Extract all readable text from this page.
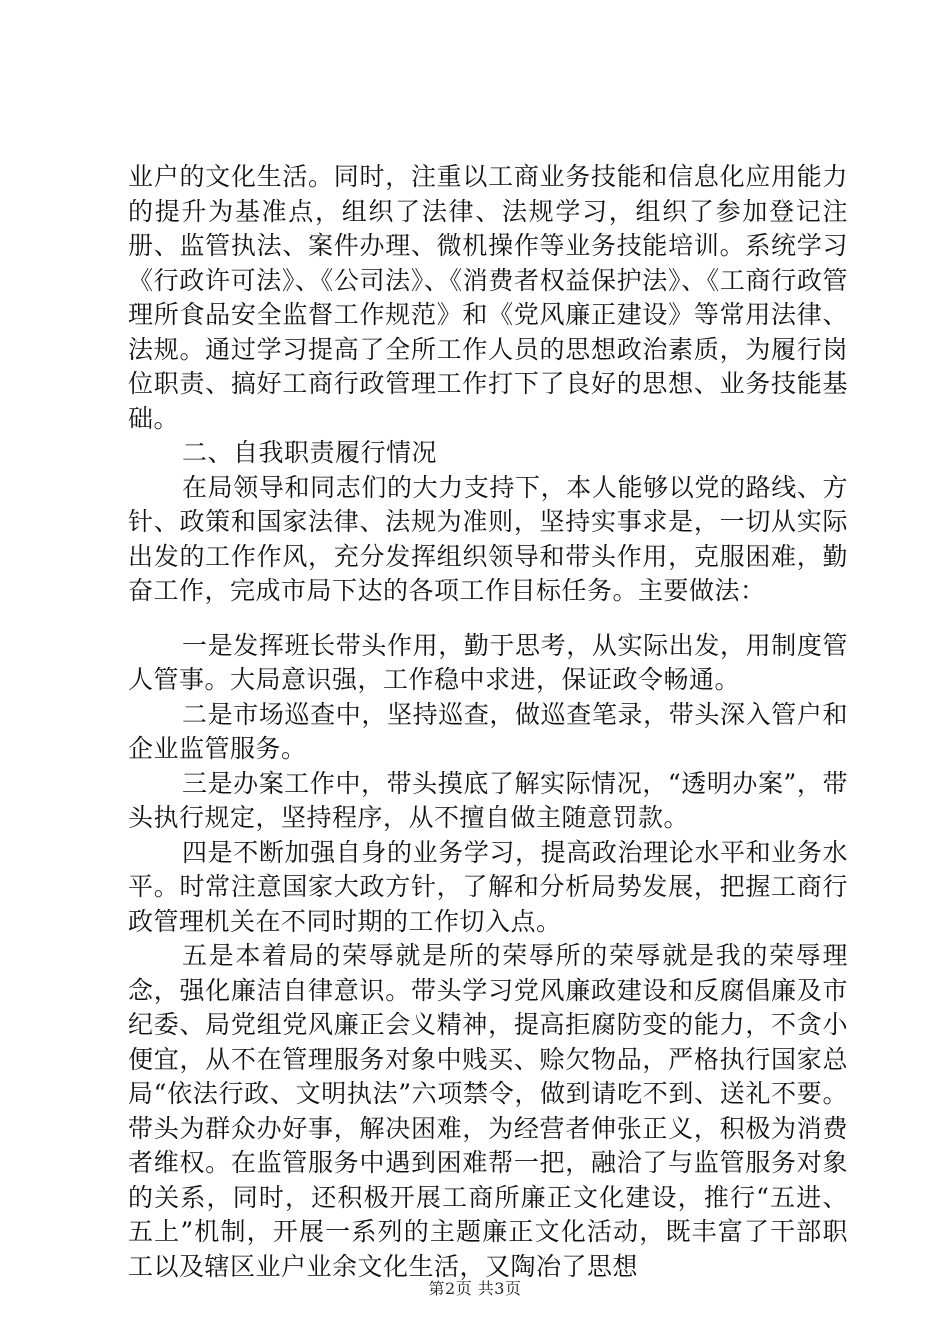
业户的文化生活。同时，注重以工商业务技能和信息化应用能力的提升为基准点，组织了法律、法规学习，组织了参加登记注册、监管执法、案件办理、微机操作等业务技能培训。系统学习《行政许可法》、《公司法》、《消费者权益保护法》、《工商行政管理所食品安全监督工作规范》和《党风廉正建设》等常用法律、法规。通过学习提高了全所工作人员的思想政治素质，为履行岗位职责、搞好工商行政管理工作打下了良好的思想、业务技能基础。

二、自我职责履行情况

在局领导和同志们的大力支持下，本人能够以党的路线、方针、政策和国家法律、法规为准则，坚持实事求是，一切从实际出发的工作作风，充分发挥组织领导和带头作用，克服困难，勤奋工作，完成市局下达的各项工作目标任务。主要做法：

一是发挥班长带头作用，勤于思考，从实际出发，用制度管人管事。大局意识强，工作稳中求进，保证政令畅通。

二是市场巡查中，坚持巡查，做巡查笔录，带头深入管户和企业监管服务。

三是办案工作中，带头摸底了解实际情况，“透明办案”，带头执行规定，坚持程序，从不擅自做主随意罚款。

四是不断加强自身的业务学习，提高政治理论水平和业务水平。时常注意国家大政方针，了解和分析局势发展，把握工商行政管理机关在不同时期的工作切入点。

五是本着局的荣辱就是所的荣辱所的荣辱就是我的荣辱理念，强化廉洁自律意识。带头学习党风廉政建设和反腐倡廉及市纪委、局党组党风廉正会义精神，提高拒腐防变的能力，不贪小便宜，从不在管理服务对象中贱买、赊欠物品，严格执行国家总局“依法行政、文明执法”六项禁令，做到请吃不到、送礼不要。带头为群众办好事，解决困难，为经营者伸张正义，积极为消费者维权。在监管服务中遇到困难帮一把，融洽了与监管服务对象的关系，同时，还积极开展工商所廉正文化建设，推行“五进、五上”机制，开展一系列的主题廉正文化活动，既丰富了干部职工以及辖区业户业余文化生活，又陶冶了思想

第2页 共3页
